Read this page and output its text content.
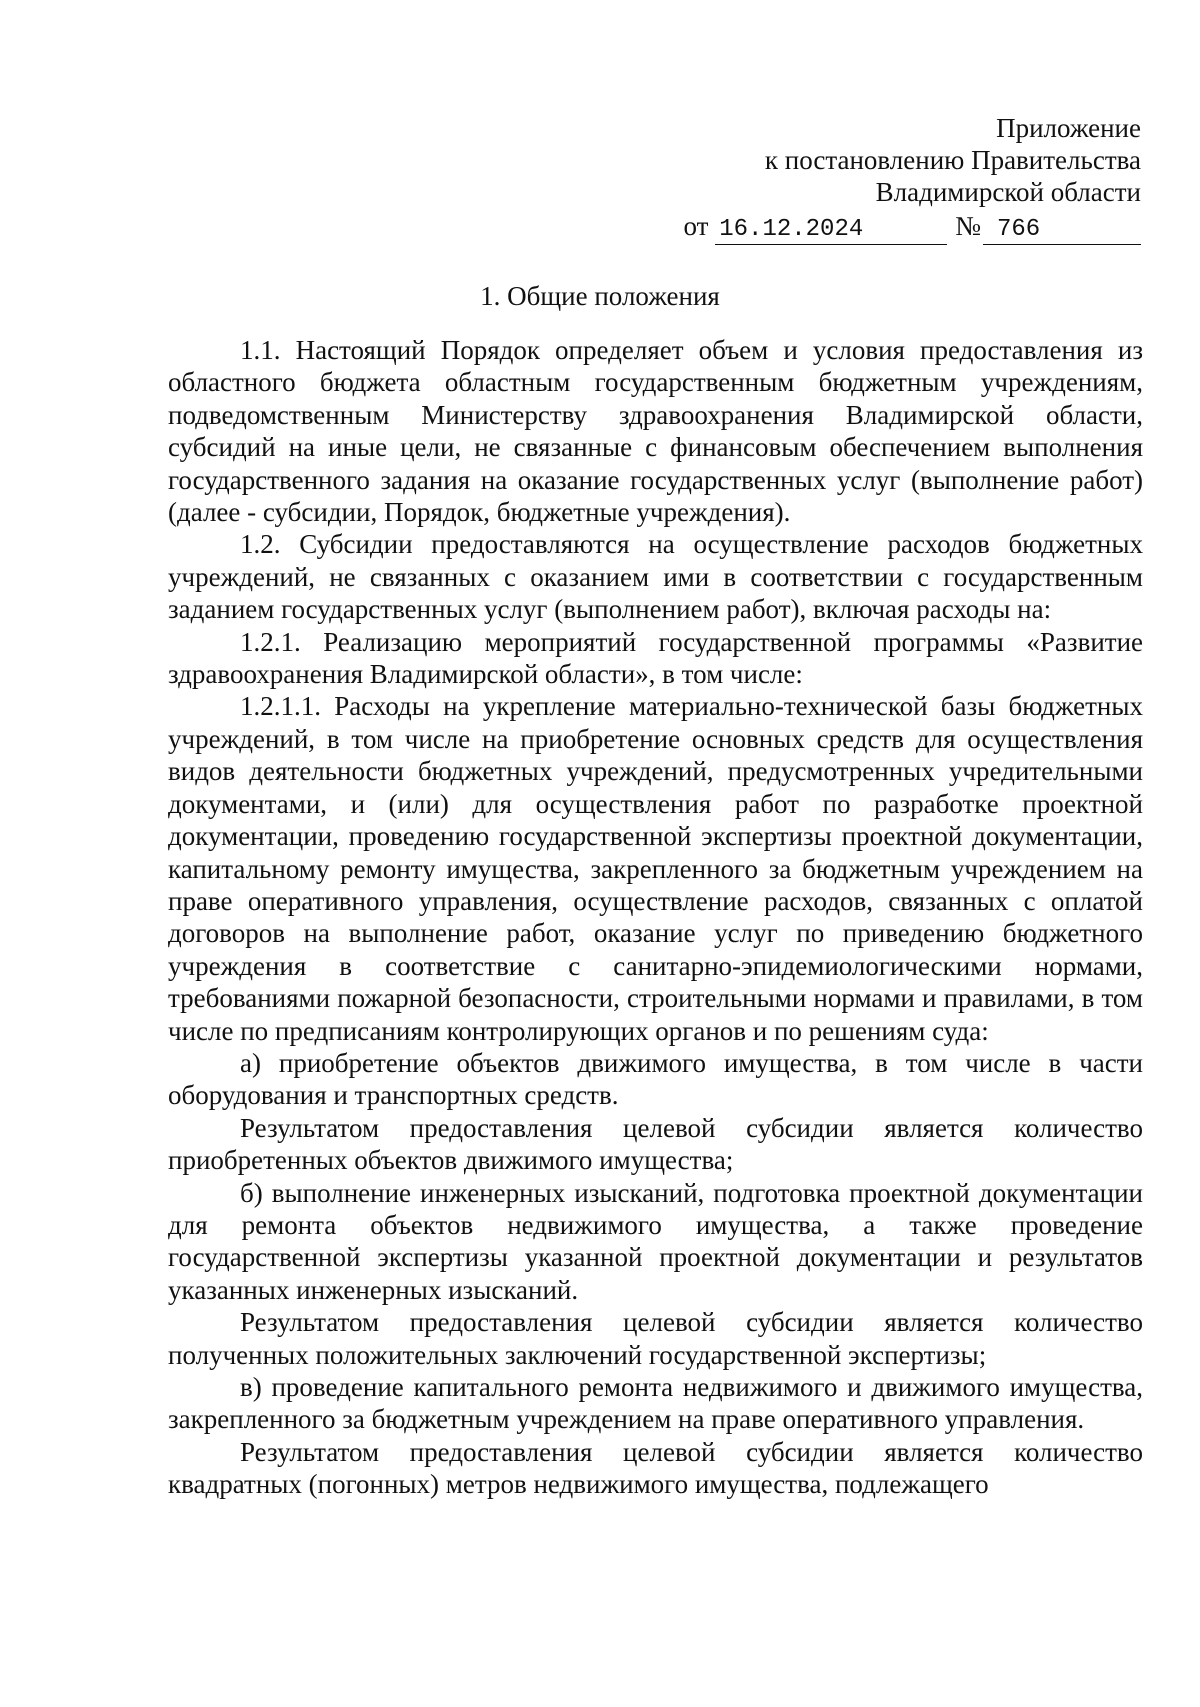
Приложение
к постановлению Правительства
Владимирской области
от 16.12.2024	№ 766
1. Общие положения

1.1. Настоящий Порядок определяет объем и условия предоставления из областного бюджета областным государственным бюджетным учреждениям, подведомственным Министерству здравоохранения Владимирской области, субсидий на иные цели, не связанные с финансовым обеспечением выполнения государственного задания на оказание государственных услуг (выполнение работ) (далее - субсидии, Порядок, бюджетные учреждения).

1.2. Субсидии предоставляются на осуществление расходов бюджетных учреждений, не связанных с оказанием ими в соответствии с государственным заданием государственных услуг (выполнением работ), включая расходы на:

1.2.1. Реализацию мероприятий государственной программы «Развитие здравоохранения Владимирской области», в том числе:

1.2.1.1. Расходы на укрепление материально-технической базы бюджетных учреждений, в том числе на приобретение основных средств для осуществления видов деятельности бюджетных учреждений, предусмотренных учредительными документами, и (или) для осуществления работ по разработке проектной документации, проведению государственной экспертизы проектной документации, капитальному ремонту имущества, закрепленного за бюджетным учреждением на праве оперативного управления, осуществление расходов, связанных с оплатой договоров на выполнение работ, оказание услуг по приведению бюджетного учреждения в соответствие с санитарно-эпидемиологическими нормами, требованиями пожарной безопасности, строительными нормами и правилами, в том числе по предписаниям контролирующих органов и по решениям суда:

а) приобретение объектов движимого имущества, в том числе в части оборудования и транспортных средств.

Результатом предоставления целевой субсидии является количество приобретенных объектов движимого имущества;

б) выполнение инженерных изысканий, подготовка проектной документации для ремонта объектов недвижимого имущества, а также проведение государственной экспертизы указанной проектной документации и результатов указанных инженерных изысканий.

Результатом предоставления целевой субсидии является количество полученных положительных заключений государственной экспертизы;

в) проведение капитального ремонта недвижимого и движимого имущества, закрепленного за бюджетным учреждением на праве оперативного управления.

Результатом предоставления целевой субсидии является количество квадратных (погонных) метров недвижимого имущества, подлежащего
